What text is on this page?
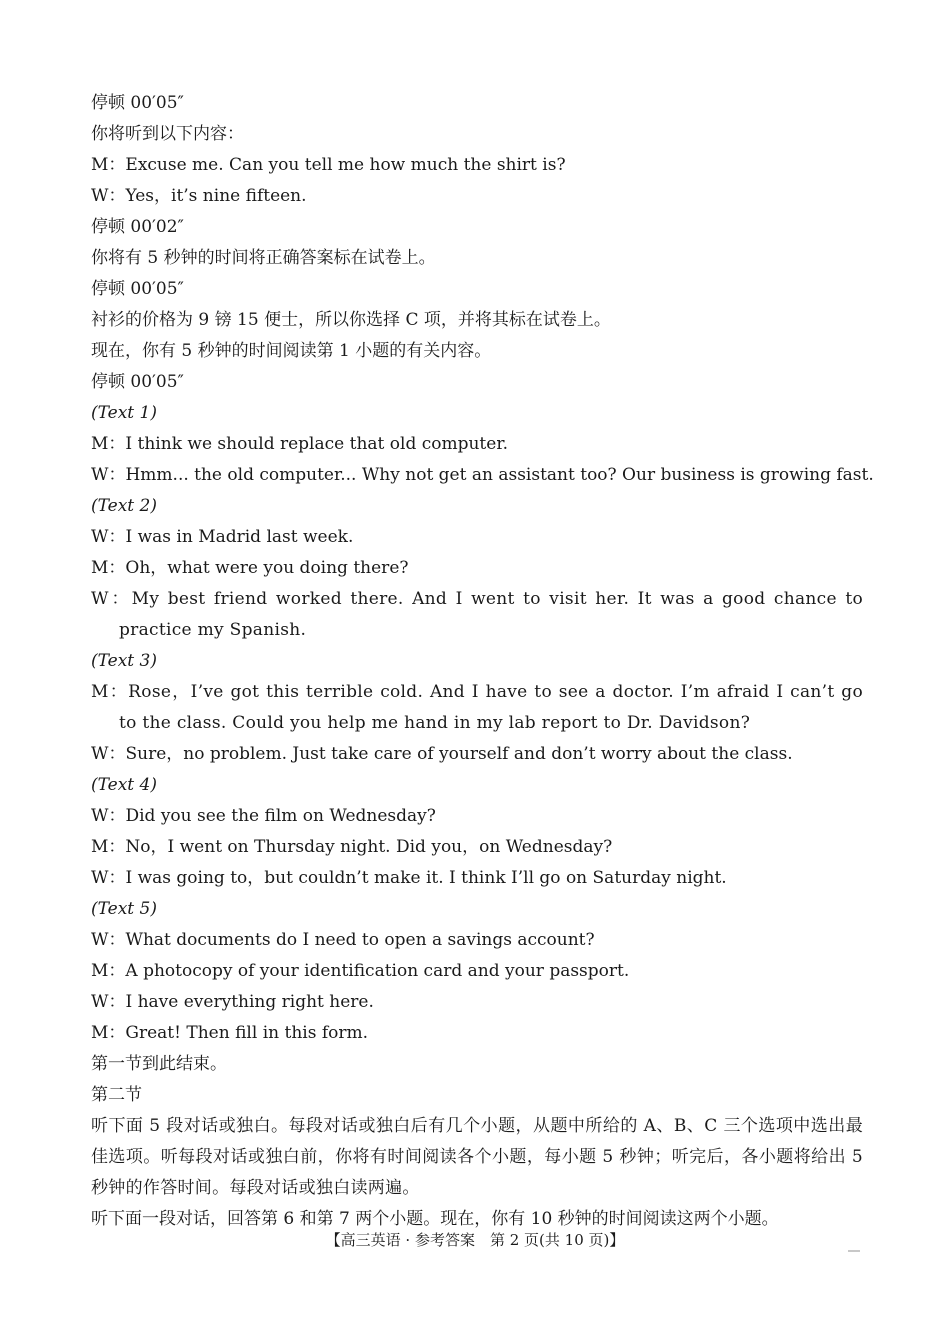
停顿 00′05″
你将听到以下内容：
M：Excuse me. Can you tell me how much the shirt is?
W：Yes，it’s nine fifteen.
停顿 00′02″
你将有 5 秒钟的时间将正确答案标在试卷上。
停顿 00′05″
衬衫的价格为 9 镑 15 便士，所以你选择 C 项，并将其标在试卷上。
现在，你有 5 秒钟的时间阅读第 1 小题的有关内容。
停顿 00′05″
(Text 1)
M：I think we should replace that old computer.
W：Hmm... the old computer... Why not get an assistant too? Our business is growing fast.
(Text 2)
W：I was in Madrid last week.
M：Oh，what were you doing there?
W：My best friend worked there. And I went to visit her. It was a good chance to practice my Spanish.
(Text 3)
M：Rose，I’ve got this terrible cold. And I have to see a doctor. I’m afraid I can’t go to the class. Could you help me hand in my lab report to Dr. Davidson?
W：Sure，no problem. Just take care of yourself and don’t worry about the class.
(Text 4)
W：Did you see the film on Wednesday?
M：No，I went on Thursday night. Did you，on Wednesday?
W：I was going to，but couldn’t make it. I think I’ll go on Saturday night.
(Text 5)
W：What documents do I need to open a savings account?
M：A photocopy of your identification card and your passport.
W：I have everything right here.
M：Great! Then fill in this form.
第一节到此结束。
第二节
听下面 5 段对话或独白。每段对话或独白后有几个小题，从题中所给的 A、B、C 三个选项中选出最佳选项。听每段对话或独白前，你将有时间阅读各个小题，每小题 5 秒钟；听完后，各小题将给出 5 秒钟的作答时间。每段对话或独白读两遍。
听下面一段对话，回答第 6 和第 7 两个小题。现在，你有 10 秒钟的时间阅读这两个小题。
【高三英语 · 参考答案　第 2 页(共 10 页)】
